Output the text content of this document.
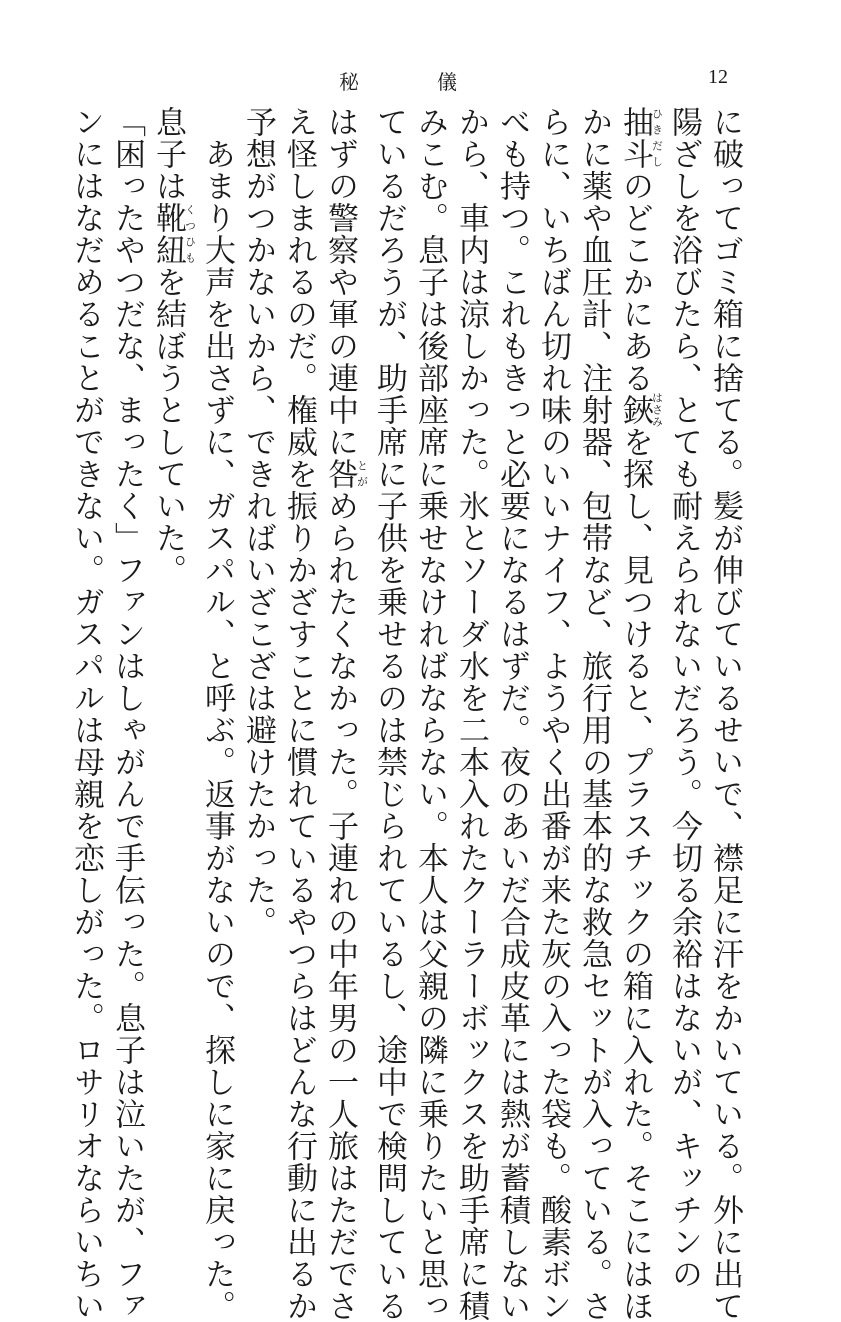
秘儀	12

に破ってゴミ箱に捨てる。髪が伸びているせいで、襟足に汗をかいている。外に出て

陽ざしを浴びたら、とても耐えられないだろう。今切る余裕はないが、キッチンの

抽斗ひきだしのどこかにある鋏はさみを探し、見つけると、プラスチックの箱に入れた。そこにはほ

かに薬や血圧計、注射器、包帯など、旅行用の基本的な救急セットが入っている。さ

らに、いちばん切れ味のいいナイフ、ようやく出番が来た灰の入った袋も。酸素ボン

べも持つ。これもきっと必要になるはずだ。夜のあいだ合成皮革には熱が蓄積しない

から、車内は涼しかった。氷とソーダ水を二本入れたクーラーボックスを助手席に積

みこむ。息子は後部座席に乗せなければならない。本人は父親の隣に乗りたいと思っ

ているだろうが、助手席に子供を乗せるのは禁じられているし、途中で検問している

はずの警察や軍の連中に咎とがめられたくなかった。子連れの中年男の一人旅はただでさ

え怪しまれるのだ。権威を振りかざすことに慣れているやつらはどんな行動に出るか

予想がつかないから、できればいざこざは避けたかった。

　あまり大声を出さずに、ガスパル、と呼ぶ。返事がないので、探しに家に戻った。

息子は靴紐くつひもを結ぼうとしていた。

「困ったやつだな、まったく」ファンはしゃがんで手伝った。息子は泣いたが、ファ

ンにはなだめることができない。ガスパルは母親を恋しがった。ロサリオならいちい
